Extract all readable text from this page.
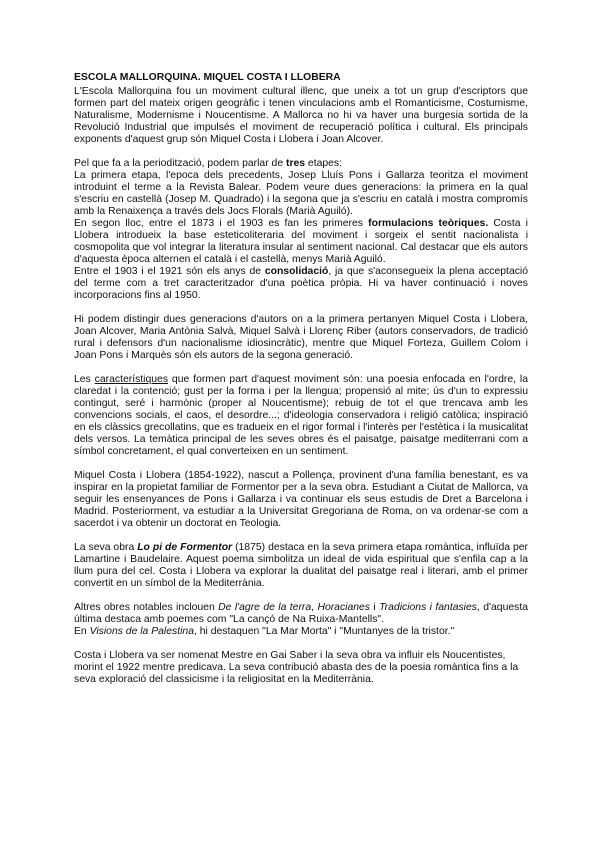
ESCOLA MALLORQUINA. MIQUEL COSTA I LLOBERA

L'Escola Mallorquina fou un moviment cultural illenc, que uneix a tot un grup d'escriptors que formen part del mateix origen geogràfic i tenen vinculacions amb el Romanticisme, Costumisme, Naturalisme, Modernisme i Noucentisme. A Mallorca no hi va haver una burgesia sortida de la Revolució Industrial que impulsés el moviment de recuperació política i cultural. Els principals exponents d'aquest grup són Miquel Costa i Llobera i Joan Alcover.

Pel que fa a la periodització, podem parlar de tres etapes:

La primera etapa, l'epoca dels precedents, Josep Lluís Pons i Gallarza teoritza el moviment introduint el terme a la Revista Balear. Podem veure dues generacions: la primera en la qual s'escriu en castellà (Josep M. Quadrado) i la segona que ja s'escriu en català i mostra compromís amb la Renaixença a través dels Jocs Florals (Marià Aguiló).

En segon lloc, entre el 1873 i el 1903 es fan les primeres formulacions teòriques. Costa i Llobera introdueix la base esteticoliteraria del moviment i sorgeix el sentit nacionalista i cosmopolita que vol integrar la literatura insular al sentiment nacional. Cal destacar que els autors d'aquesta època alternen el català i el castellà, menys Marià Aguiló.

Entre el 1903 i el 1921 són els anys de consolidació, ja que s'aconsegueix la plena acceptació del terme com a tret caracteritzador d'una poètica pròpia. Hi va haver continuació i noves incorporacions fins al 1950.

Hi podem distingir dues generacions d'autors on a la primera pertanyen Miquel Costa i Llobera, Joan Alcover, Maria Antònia Salvà, Miquel Salvà i Llorenç Riber (autors conservadors, de tradició rural i defensors d'un nacionalisme idiosincràtic), mentre que Miquel Forteza, Guillem Colom i Joan Pons i Marquès són els autors de la segona generació.

Les característiques que formen part d'aquest moviment són: una poesia enfocada en l'ordre, la claredat i la contenció; gust per la forma i per la llengua; propensió al mite; ús d'un to expressiu contingut, seré i harmònic (proper al Noucentisme); rebuig de tot el que trencava amb les convencions socials, el caos, el desordre...; d'ideologia conservadora i religió catòlica; inspiració en els clàssics grecollatins, que es tradueix en el rigor formal i l'interès per l'estètica i la musicalitat dels versos. La temàtica principal de les seves obres és el paisatge, paisatge mediterrani com a símbol concretament, el qual converteixen en un sentiment.

Miquel Costa i Llobera (1854-1922), nascut a Pollença, provinent d'una família benestant, es va inspirar en la propietat familiar de Formentor per a la seva obra. Estudiant a Ciutat de Mallorca, va seguir les ensenyances de Pons i Gallarza i va continuar els seus estudis de Dret a Barcelona i Madrid. Posteriorment, va estudiar a la Universitat Gregoriana de Roma, on va ordenar-se com a sacerdot i va obtenir un doctorat en Teologia.

La seva obra Lo pi de Formentor (1875) destaca en la seva primera etapa romàntica, influïda per Lamartine i Baudelaire. Aquest poema simbolitza un ideal de vida espiritual que s'enfila cap a la llum pura del cel. Costa i Llobera va explorar la dualitat del paisatge real i literari, amb el primer convertit en un símbol de la Mediterrània.

Altres obres notables inclouen De l'agre de la terra, Horacianes i Tradicions i fantasies, d'aquesta última destaca amb poemes com "La cançó de Na Ruixa-Mantells".

En Visions de la Palestina, hi destaquen "La Mar Morta" i "Muntanyes de la tristor."

Costa i Llobera va ser nomenat Mestre en Gai Saber i la seva obra va influir els Noucentistes, morint el 1922 mentre predicava. La seva contribució abasta des de la poesia romàntica fins a la seva exploració del classicisme i la religiositat en la Mediterrània.
